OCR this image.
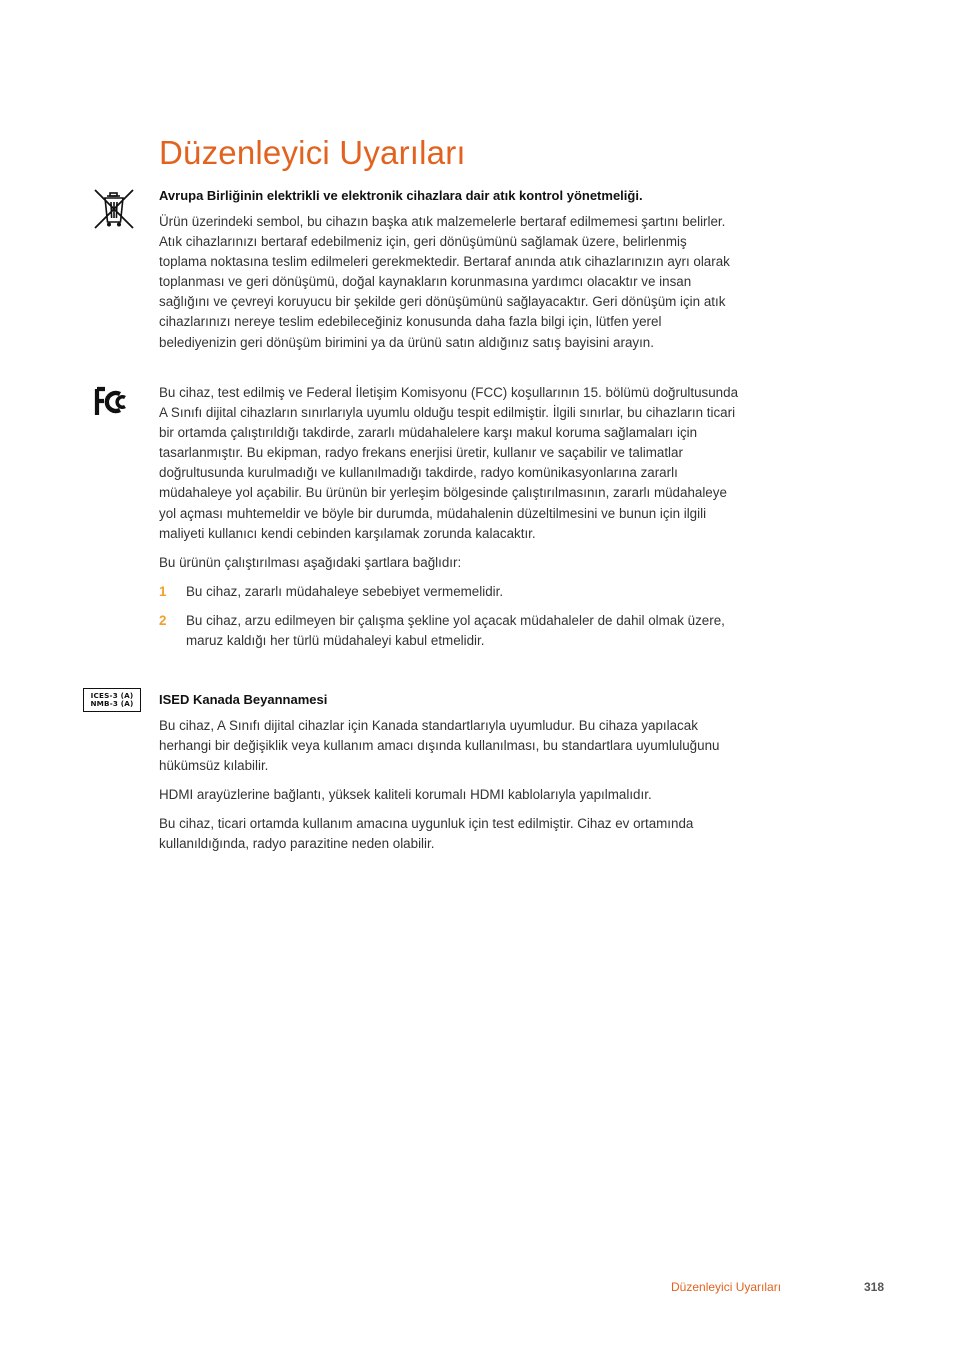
Düzenleyici Uyarıları

Avrupa Birliğinin elektrikli ve elektronik cihazlara dair atık kontrol yönetmeliği.

Ürün üzerindeki sembol, bu cihazın başka atık malzemelerle bertaraf edilmemesi şartını belirler.
Atık cihazlarınızı bertaraf edebilmeniz için, geri dönüşümünü sağlamak üzere, belirlenmiş
toplama noktasına teslim edilmeleri gerekmektedir. Bertaraf anında atık cihazlarınızın ayrı olarak
toplanması ve geri dönüşümü, doğal kaynakların korunmasına yardımcı olacaktır ve insan
sağlığını ve çevreyi koruyucu bir şekilde geri dönüşümünü sağlayacaktır. Geri dönüşüm için atık
cihazlarınızı nereye teslim edebileceğiniz konusunda daha fazla bilgi için, lütfen yerel
belediyenizin geri dönüşüm birimini ya da ürünü satın aldığınız satış bayisini arayın.

Bu cihaz, test edilmiş ve Federal İletişim Komisyonu (FCC) koşullarının 15. bölümü doğrultusunda
A Sınıfı dijital cihazların sınırlarıyla uyumlu olduğu tespit edilmiştir. İlgili sınırlar, bu cihazların ticari
bir ortamda çalıştırıldığı takdirde, zararlı müdahalelere karşı makul koruma sağlamaları için
tasarlanmıştır. Bu ekipman, radyo frekans enerjisi üretir, kullanır ve saçabilir ve talimatlar
doğrultusunda kurulmadığı ve kullanılmadığı takdirde, radyo komünikasyonlarına zararlı
müdahaleye yol açabilir. Bu ürünün bir yerleşim bölgesinde çalıştırılmasının, zararlı müdahaleye
yol açması muhtemeldir ve böyle bir durumda, müdahalenin düzeltilmesini ve bunun için ilgili
maliyeti kullanıcı kendi cebinden karşılamak zorunda kalacaktır.

Bu ürünün çalıştırılması aşağıdaki şartlara bağlıdır:

1	Bu cihaz, zararlı müdahaleye sebebiyet vermemelidir.
2	Bu cihaz, arzu edilmeyen bir çalışma şekline yol açacak müdahaleler de dahil olmak üzere,
maruz kaldığı her türlü müdahaleyi kabul etmelidir.
ICES-3 (A)
NMB-3 (A) ISED Kanada Beyannamesi

Bu cihaz, A Sınıfı dijital cihazlar için Kanada standartlarıyla uyumludur. Bu cihaza yapılacak
herhangi bir değişiklik veya kullanım amacı dışında kullanılması, bu standartlara uyumluluğunu
hükümsüz kılabilir.

HDMI arayüzlerine bağlantı, yüksek kaliteli korumalı HDMI kablolarıyla yapılmalıdır.

Bu cihaz, ticari ortamda kullanım amacına uygunluk için test edilmiştir. Cihaz ev ortamında
kullanıldığında, radyo parazitine neden olabilir.

Düzenleyici Uyarıları	318
